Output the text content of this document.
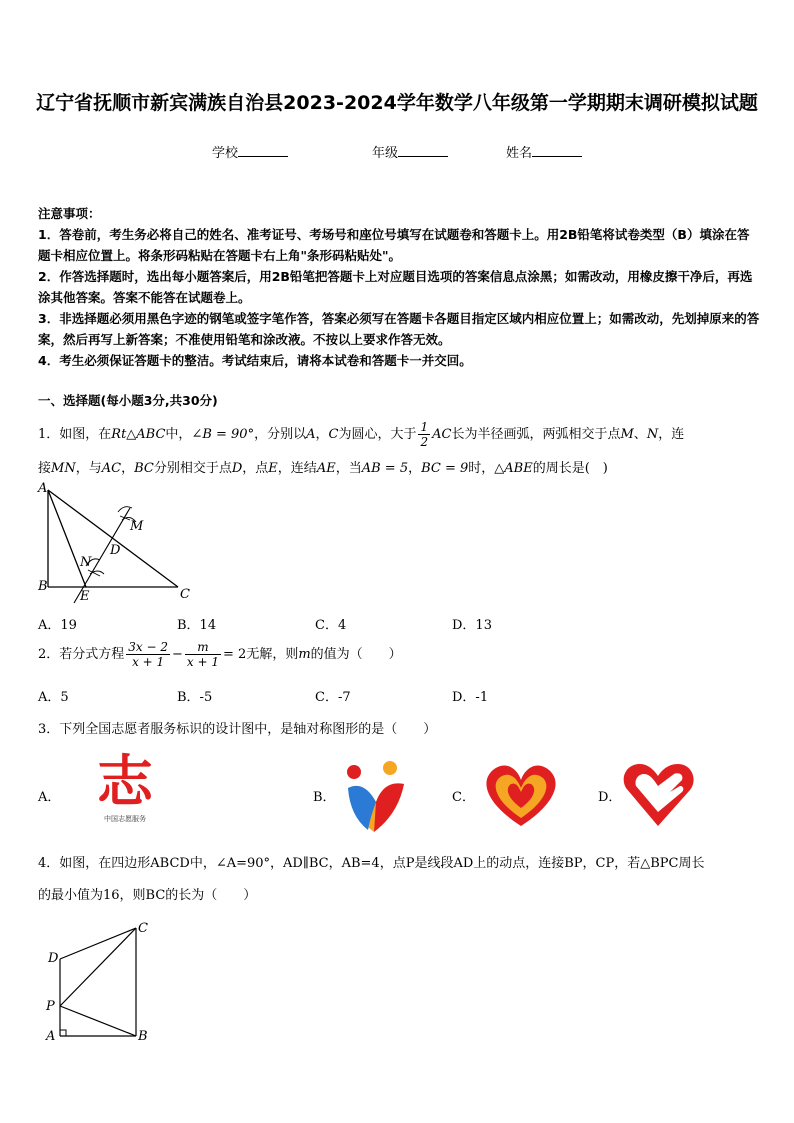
辽宁省抚顺市新宾满族自治县2023-2024学年数学八年级第一学期期末调研模拟试题
学校	年级	姓名
注意事项：
1．答卷前，考生务必将自己的姓名、准考证号、考场号和座位号填写在试题卷和答题卡上。用2B铅笔将试卷类型（B）填涂在答题卡相应位置上。将条形码粘贴在答题卡右上角"条形码粘贴处"。
2．作答选择题时，选出每小题答案后，用2B铅笔把答题卡上对应题目选项的答案信息点涂黑；如需改动，用橡皮擦干净后，再选涂其他答案。答案不能答在试题卷上。
3．非选择题必须用黑色字迹的钢笔或签字笔作答，答案必须写在答题卡各题目指定区域内相应位置上；如需改动，先划掉原来的答案，然后再写上新答案；不准使用铅笔和涂改液。不按以上要求作答无效。
4．考生必须保证答题卡的整洁。考试结束后，请将本试卷和答题卡一并交回。
一、选择题(每小题3分,共30分)
1．如图，在Rt△ABC中，∠B = 90°，分别以A，C为圆心，大于 $\frac{1}{2}$ AC长为半径画弧，两弧相交于点M、N，连
接MN，与AC，BC分别相交于点D，点E，连结AE，当AB = 5，BC = 9时，△ABE的周长是(　)
A
B
C
D
E
M
N
A．19	B．14	C．4	D．13
2．若分式方程 $\frac{3x - 2}{x + 1} - \frac{m}{x + 1} = 2$无解，则m的值为（　　）
A．5	B．-5	C．-7	D．-1
3．下列全国志愿者服务标识的设计图中，是轴对称图形的是（　　）
A． 志
中国志愿服务
B．	C．	D．
4．如图，在四边形ABCD中，∠A=90°，AD∥BC，AB=4，点P是线段AD上的动点，连接BP，CP，若△BPC周长
的最小值为16，则BC的长为（　　）
A	B
C
D
P
